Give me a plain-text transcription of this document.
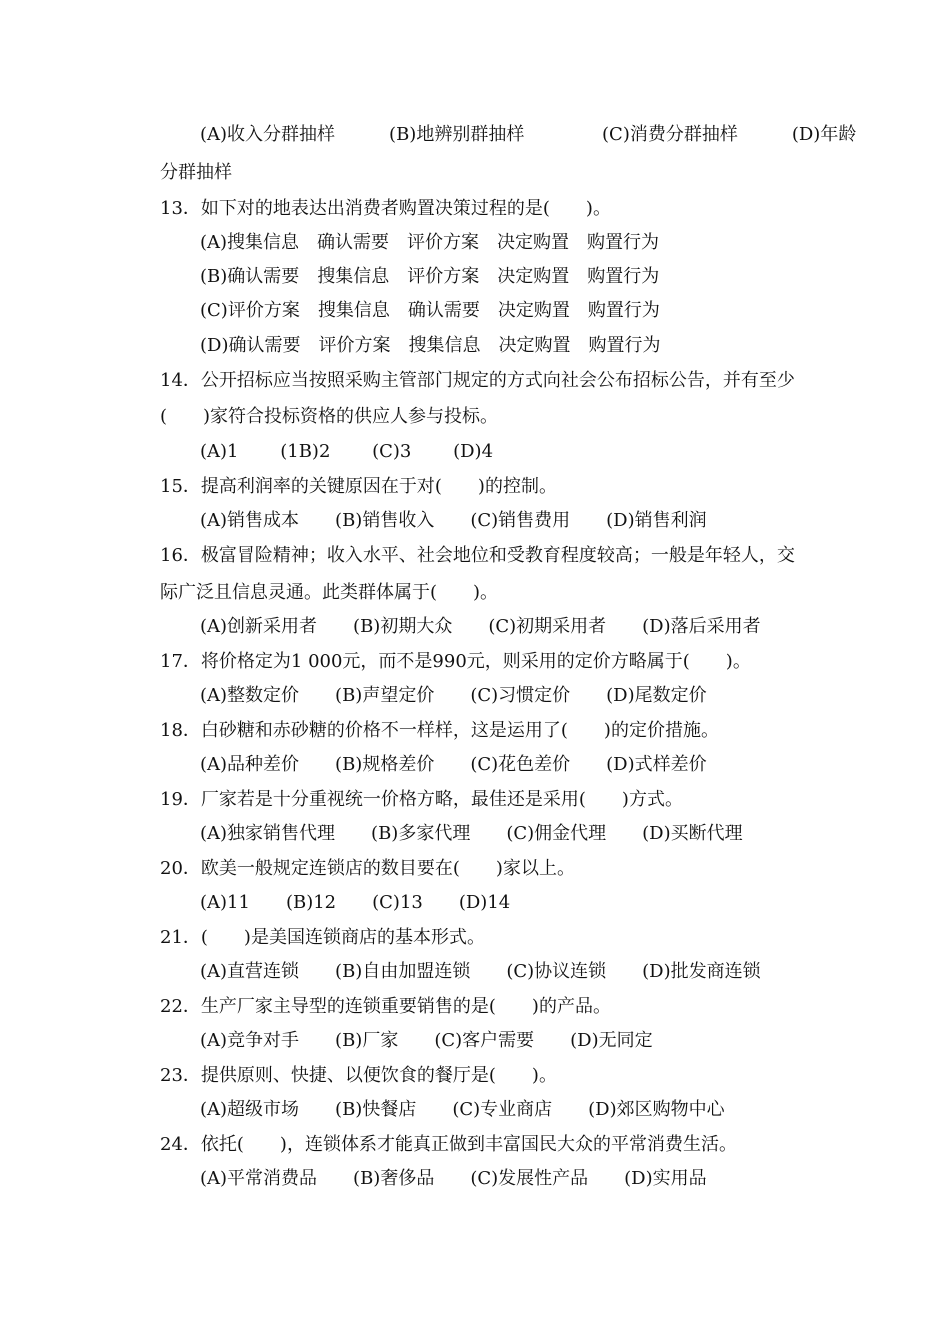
(A)收入分群抽样　　　(B)地辨别群抽样　　　　 (C)消费分群抽样　　　(D)年龄
分群抽样
13．如下对的地表达出消费者购置决策过程的是(　　)。
(A)搜集信息　确认需要　评价方案　决定购置　购置行为
(B)确认需要　搜集信息　评价方案　决定购置　购置行为
(C)评价方案　搜集信息　确认需要　决定购置　购置行为
(D)确认需要　评价方案　搜集信息　决定购置　购置行为
14．公开招标应当按照采购主管部门规定的方式向社会公布招标公告，并有至少
(　　)家符合投标资格的供应人参与投标。
(A)1　　 (1B)2　　 (C)3　　 (D)4
15．提高利润率的关键原因在于对(　　)的控制。
(A)销售成本　　(B)销售收入　　(C)销售费用　　(D)销售利润
16．极富冒险精神；收入水平、社会地位和受教育程度较高；一般是年轻人，交
际广泛且信息灵通。此类群体属于(　　)。
(A)创新采用者　　(B)初期大众　　(C)初期采用者　　(D)落后采用者
17．将价格定为1 000元，而不是990元，则采用的定价方略属于(　　)。
(A)整数定价　　(B)声望定价　　(C)习惯定价　　(D)尾数定价
18．白砂糖和赤砂糖的价格不一样样，这是运用了(　　)的定价措施。
(A)品种差价　　(B)规格差价　　(C)花色差价　　(D)式样差价
19．厂家若是十分重视统一价格方略，最佳还是采用(　　)方式。
(A)独家销售代理　　(B)多家代理　　(C)佣金代理　　(D)买断代理
20．欧美一般规定连锁店的数目要在(　　)家以上。
(A)11　　(B)12　　(C)13　　(D)14
21．(　　)是美国连锁商店的基本形式。
(A)直营连锁　　(B)自由加盟连锁　　(C)协议连锁　　(D)批发商连锁
22．生产厂家主导型的连锁重要销售的是(　　)的产品。
(A)竞争对手　　(B)厂家　　(C)客户需要　　(D)无同定
23．提供原则、快捷、以便饮食的餐厅是(　　)。
(A)超级市场　　(B)快餐店　　(C)专业商店　　(D)郊区购物中心
24．依托(　　)，连锁体系才能真正做到丰富国民大众的平常消费生活。
(A)平常消费品　　(B)奢侈品　　(C)发展性产品　　(D)实用品
